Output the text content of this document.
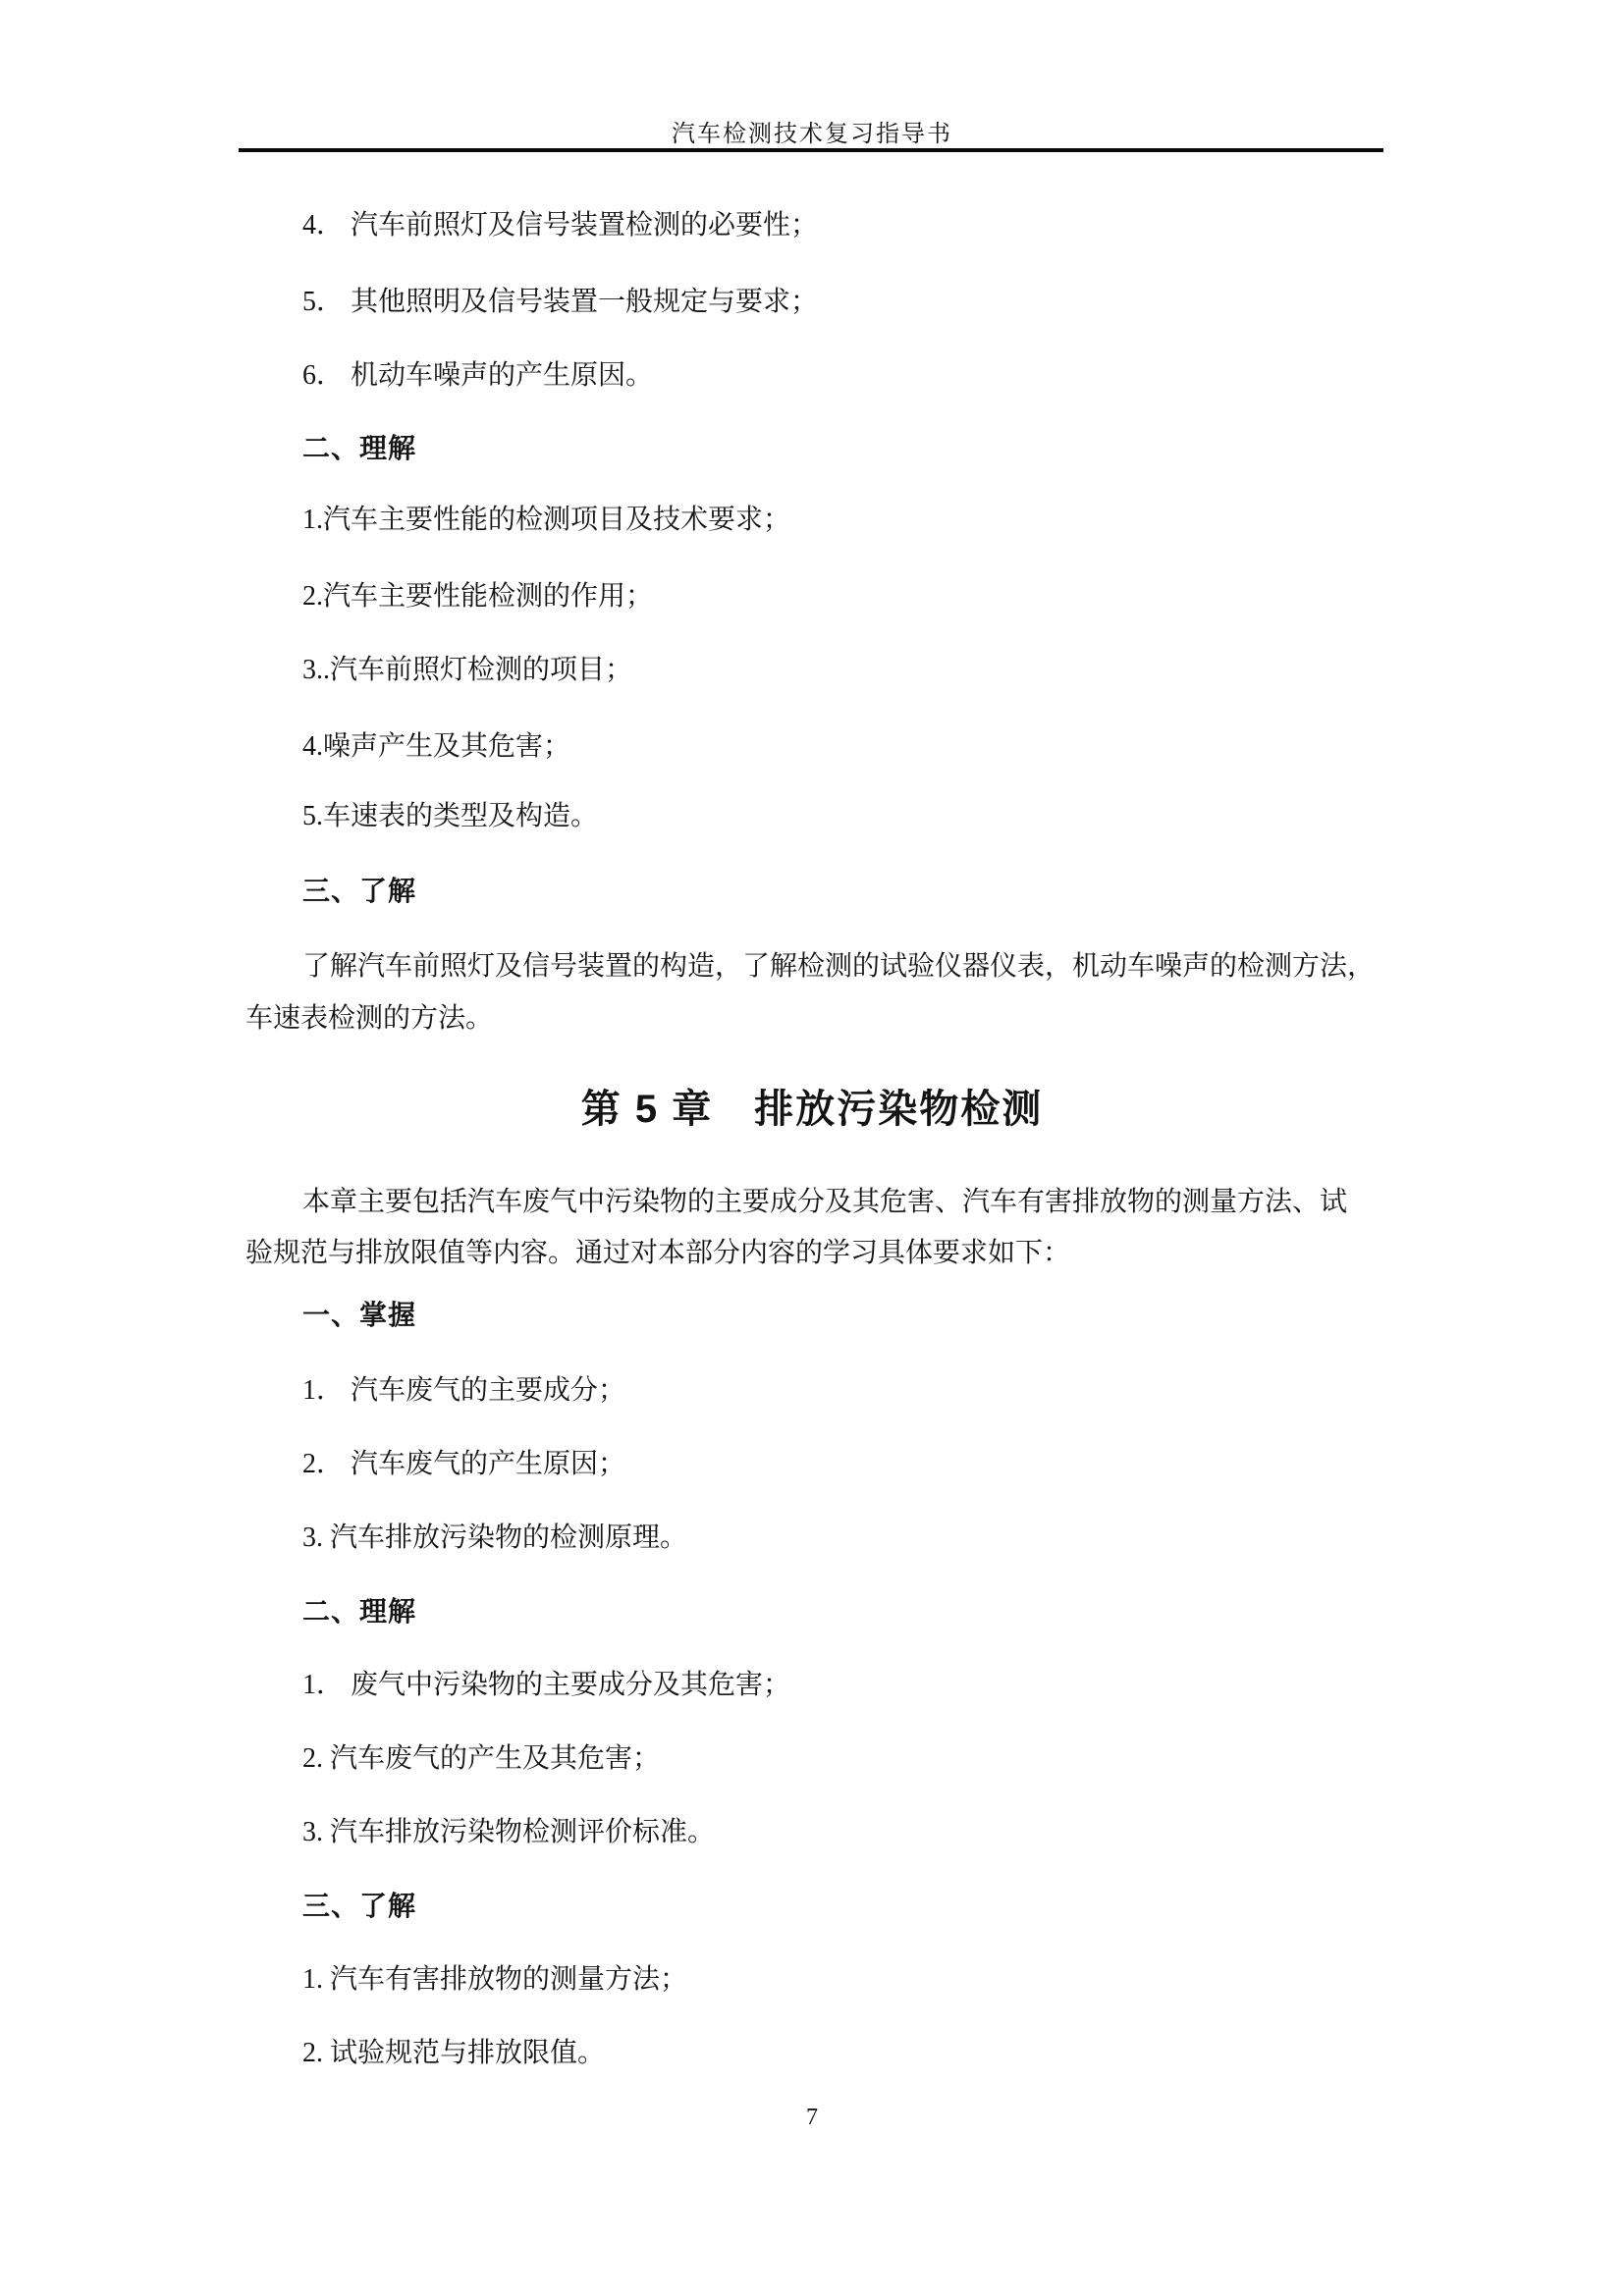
汽车检测技术复习指导书
4． 汽车前照灯及信号装置检测的必要性；
5． 其他照明及信号装置一般规定与要求；
6． 机动车噪声的产生原因。
二、理解
1.汽车主要性能的检测项目及技术要求；
2.汽车主要性能检测的作用；
3..汽车前照灯检测的项目；
4.噪声产生及其危害；
5.车速表的类型及构造。
三、了解
了解汽车前照灯及信号装置的构造，了解检测的试验仪器仪表，机动车噪声的检测方法，
车速表检测的方法。
第 5 章　排放污染物检测
本章主要包括汽车废气中污染物的主要成分及其危害、汽车有害排放物的测量方法、试
验规范与排放限值等内容。通过对本部分内容的学习具体要求如下：
一、掌握
1． 汽车废气的主要成分；
2． 汽车废气的产生原因；
3. 汽车排放污染物的检测原理。
二、理解
1． 废气中污染物的主要成分及其危害；
2. 汽车废气的产生及其危害；
3. 汽车排放污染物检测评价标准。
三、了解
1. 汽车有害排放物的测量方法；
2. 试验规范与排放限值。
7
